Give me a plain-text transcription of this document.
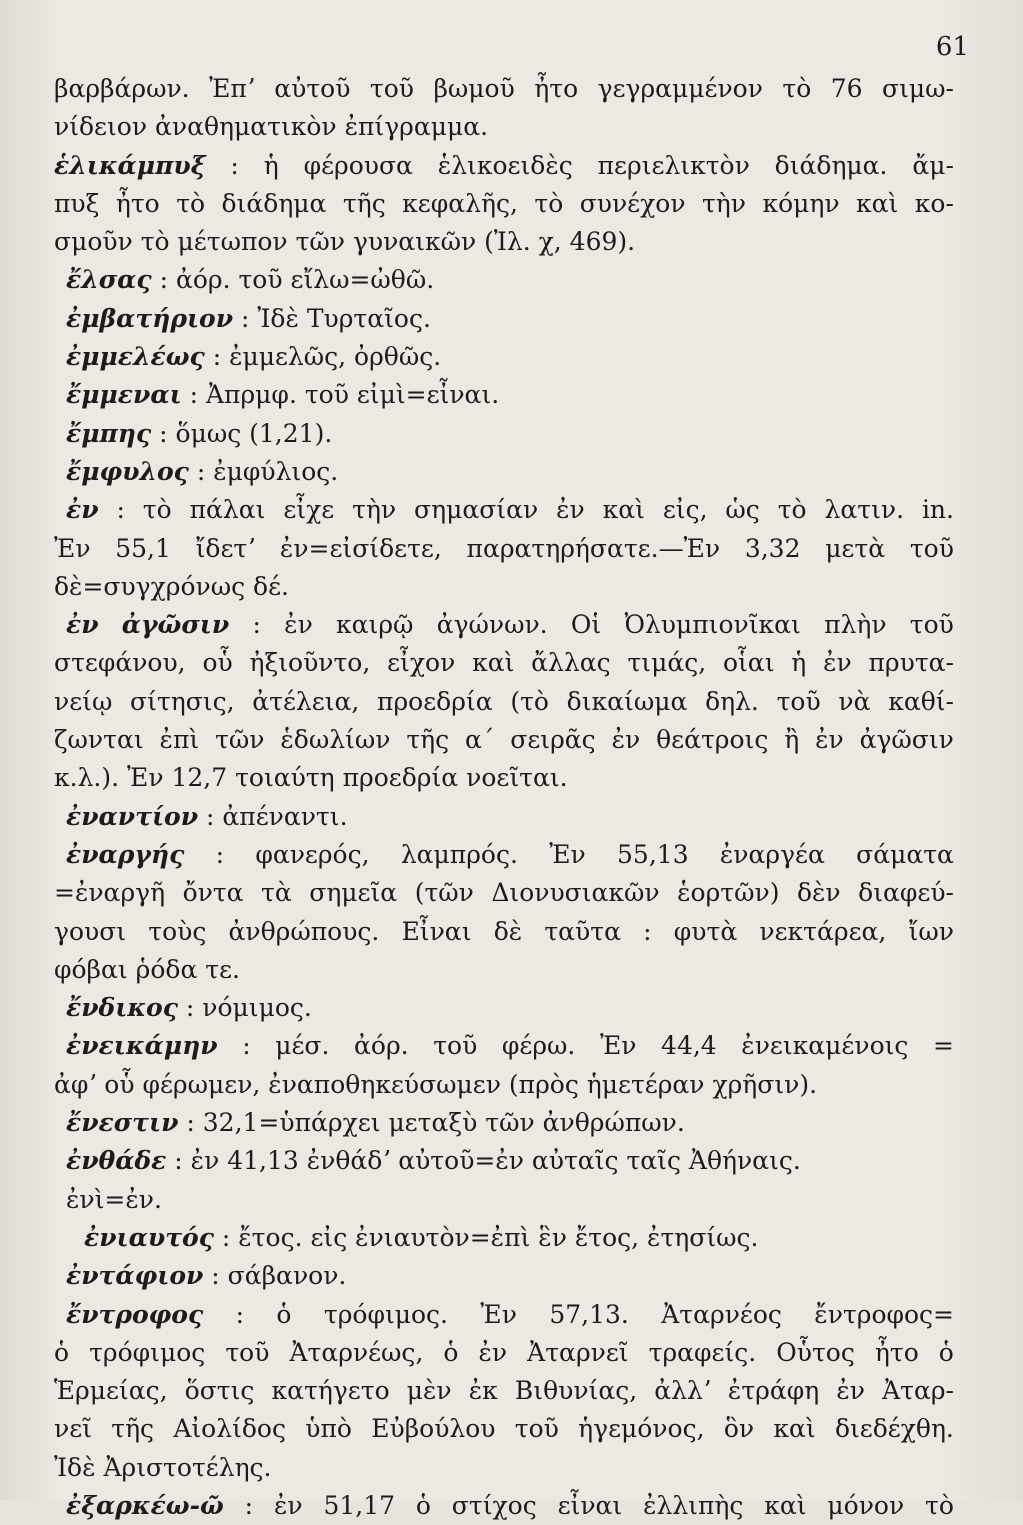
61
βαρβάρων. Ἐπʼ αὐτοῦ τοῦ βωμοῦ ἦτο γεγραμμένον τὸ 76 σιμω-
νίδειον ἀναθηματικὸν ἐπίγραμμα.
ἑλικάμπυξ : ἡ φέρουσα ἑλικοειδὲς περιελικτὸν διάδημα. ἄμ-
πυξ ἦτο τὸ διάδημα τῆς κεφαλῆς, τὸ συνέχον τὴν κόμην καὶ κο-
σμοῦν τὸ μέτωπον τῶν γυναικῶν (Ἰλ. χ, 469).
ἔλσας : ἀόρ. τοῦ εἴλω=ὠθῶ.
ἐμβατήριον : Ἰδὲ Τυρταῖος.
ἐμμελέως : ἐμμελῶς, ὀρθῶς.
ἔμμεναι : Ἀπρμφ. τοῦ εἰμὶ=εἶναι.
ἔμπης : ὅμως (1,21).
ἔμφυλος : ἐμφύλιος.
ἐν : τὸ πάλαι εἶχε τὴν σημασίαν ἐν καὶ εἰς, ὡς τὸ λατιν. in.
Ἐν 55,1 ἴδετʼ ἐν=εἰσίδετε, παρατηρήσατε.—Ἐν 3,32 μετὰ τοῦ
δὲ=συγχρόνως δέ.
ἐν ἀγῶσιν : ἐν καιρῷ ἀγώνων. Οἱ Ὀλυμπιονῖκαι πλὴν τοῦ
στεφάνου, οὗ ἠξιοῦντο, εἶχον καὶ ἄλλας τιμάς, οἷαι ἡ ἐν πρυτα-
νείῳ σίτησις, ἀτέλεια, προεδρία (τὸ δικαίωμα δηλ. τοῦ νὰ καθί-
ζωνται ἐπὶ τῶν ἑδωλίων τῆς α΄ σειρᾶς ἐν θεάτροις ἢ ἐν ἀγῶσιν
κ.λ.). Ἐν 12,7 τοιαύτη προεδρία νοεῖται.
ἐναντίον : ἀπέναντι.
ἐναργής : φανερός, λαμπρός. Ἐν 55,13 ἐναργέα σάματα
=ἐναργῆ ὄντα τὰ σημεῖα (τῶν Διονυσιακῶν ἑορτῶν) δὲν διαφεύ-
γουσι τοὺς ἀνθρώπους. Εἶναι δὲ ταῦτα : φυτὰ νεκτάρεα, ἴων
φόβαι ῥόδα τε.
ἔνδικος : νόμιμος.
ἐνεικάμην : μέσ. ἀόρ. τοῦ φέρω. Ἐν 44,4 ἐνεικαμένοις =
ἀφʼ οὗ φέρωμεν, ἐναποθηκεύσωμεν (πρὸς ἡμετέραν χρῆσιν).
ἔνεστιν : 32,1=ὑπάρχει μεταξὺ τῶν ἀνθρώπων.
ἐνθάδε : ἐν 41,13 ἐνθάδʼ αὐτοῦ=ἐν αὐταῖς ταῖς Ἀθήναις.
ἐνὶ=ἐν.
ἐνιαυτός : ἔτος. εἰς ἐνιαυτὸν=ἐπὶ ἓν ἔτος, ἐτησίως.
ἐντάφιον : σάβανον.
ἔντροφος : ὁ τρόφιμος. Ἐν 57,13. Ἀταρνέος ἔντροφος=
ὁ τρόφιμος τοῦ Ἀταρνέως, ὁ ἐν Ἀταρνεῖ τραφείς. Οὗτος ἦτο ὁ
Ἑρμείας, ὅστις κατήγετο μὲν ἐκ Βιθυνίας, ἀλλʼ ἐτράφη ἐν Ἀταρ-
νεῖ τῆς Αἰολίδος ὑπὸ Εὐβούλου τοῦ ἡγεμόνος, ὃν καὶ διεδέχθη.
Ἰδὲ Ἀριστοτέλης.
ἐξαρκέω-ῶ : ἐν 51,17 ὁ στίχος εἶναι ἐλλιπὴς καὶ μόνον τὸ
